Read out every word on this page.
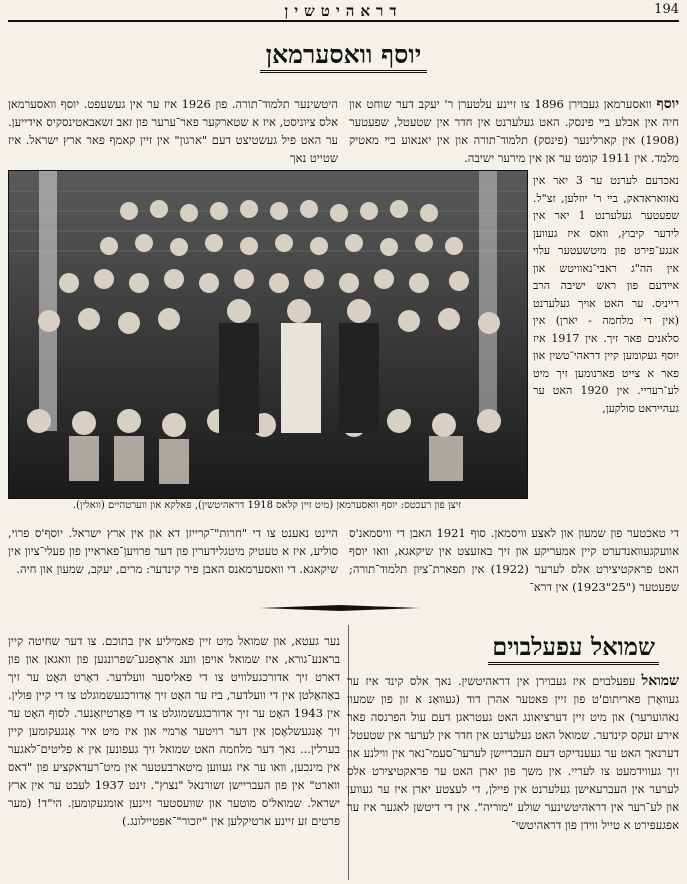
דראהיטשין	194
יוסף וואסערמאן
יוסף וואסערמאן געבוירן 1896 צו זיינע עלטערן ר' יעקב דער שוחט און חיה אין אבלע בײ פינסק. האט געלערנט אין חדר אין שטעטל, שפעטער (1908) אין קארלינער (פינסק) תלמוד־תורה און אין יאנאוע בײ מאטיק מלמד. אין 1911 קומט ער אן אין מירער ישיבה.
היטשינער תלמוד־תורה. פון 1926 איז ער אין געשעפט. יוסף וואסערמאן אלס ציוניסט, איז א שטארקער פאר־ערער פון זאב זשאבאטינסקיס אידייען. ער האט פיל געשטיצט דעם "ארגון" אין זיין קאמף פאר ארץ ישראל. איז שטייט נאך
נאכדעם לערנט ער 3 יאר אין נאוואראדאק, בײ ר' יוזלען, זצ"ל. שפעטער געלערנט 1 יאר אין לידער קיבוץ, וואס איז געווען אנגע־פירט פון מיטשעטער עלוי אין הה"ג ראבי־נאוויטש און אײדעם פון ראש ישיבה הרב רייניס. ער האט אויך געלערנט (אין די מלחמה - יארן) אין סלאנים פאר זיך. אין 1917 איז יוסף געקומען קיין דראהי־טשין און פאר א צייט פארנומען זיך מיט לע־רעריי. אין 1920 האט ער געהייראט סולקען,
זיצן פון רעכטס: יוסף וואסערמאן (מיט זיין קלאס 1918 דראהיטשין), פאלקא און ווערטהיים (וואלין).
די טאכטער פון שמעון און לאצע וויסמאן. סוף 1921 האבן די וויסמאנ'ס אוועקגעוואנדערט קיין אמעריקע און זיך באזעצט אין שיקאגא, וואו יוסף האט פראקטיצירט אלס לערער (1922) אין תפארת־ציון תלמוד־תורה; שפעטער ("25"1923) אין דרא־
היינט נאענט צו די "חרות"־קרייזן דא און אין ארץ ישראל. יוסף'ס פרוי, סוליע, איז א טעטיק מיטגלידערין פון דער פרויען־פאראיין פון פעלי־ציון אין שיקאגא. די וואסערמאנס האבן פיר קינדער: מרים, יעקב, שמעון און חיה.
שמואל עפעלבוים
שמואל עפעלבוים איז געבוירן אין דראהיטשין. נאך אלס קינד איז ער געוואָרן פאריתום'ט פון זיין פאטער אהרן דוד (געוואַנ א זון פון שמעון נאהוערער) און מיט זיין דערציאונג האט געטראגן דעם עול הפרנסה פאר אירע זעקס קינדער. שמואל האט געלערנט אין חדר אין לערער אין שטעטל. דערנאך האט ער געענדיקט דעם העבריישן לערער־סעמי־נאר אין ווילנע און זיך געווידמעט צו לעריי. אין משך פון יארן האט ער פראקטיצירט אלס לערער אין העברעאישן געלערנט אין פיילן, די לעצטע יארן איז ער געווען און לע־רער אין דראהיטשינער שולע "מוריה". אין די דיטשן לאגער איז ער אפגעפירט א טייל ווידן פון דראהיטשי־
נער געטא, און שמואל מיט זיין פאמיליע אין בתוכם. צו דער שחיטה קיין בראנע־גורא, איז שמואל אויפן וועג אראָפגע־שפרונגען פון וואגאן און פון דארט זיך אדורכגעלוויט צו די פאליסער וועלדער. דאָרט האָט ער זיך באַהאַלטן אין די וועלדער, ביז ער האָט זיך אַדורכגעשמוגלט צו די קיין פּולין. אין 1943 האָט ער זיך אדורכגעשמוגלט צו די פּאַרטיזאַנער. לסוף האָט ער זיך אָנגעשלאָסן אין דער רויטער אַרמײ און איז מיט איר אָנגעקומען קיין בערלין... נאך דער מלחמה האט שמואל זיך געפונען אין א פליטים־לאגער אין מינכען, וואו ער איז געווען מיטארבעטער אין מיט־רעדאקציע פון "דאס ווארט" אין פון העבריישן זשורנאל "נצוץ". זינט 1937 לעבט ער אין ארץ ישראל. שמואל'ס מוטער און שוועסטער זיינען אומגעקומען. הי"ד! (מער פרטים זע זיינע ארטיקלען אין "יזכור"־אפטיילונג.)
